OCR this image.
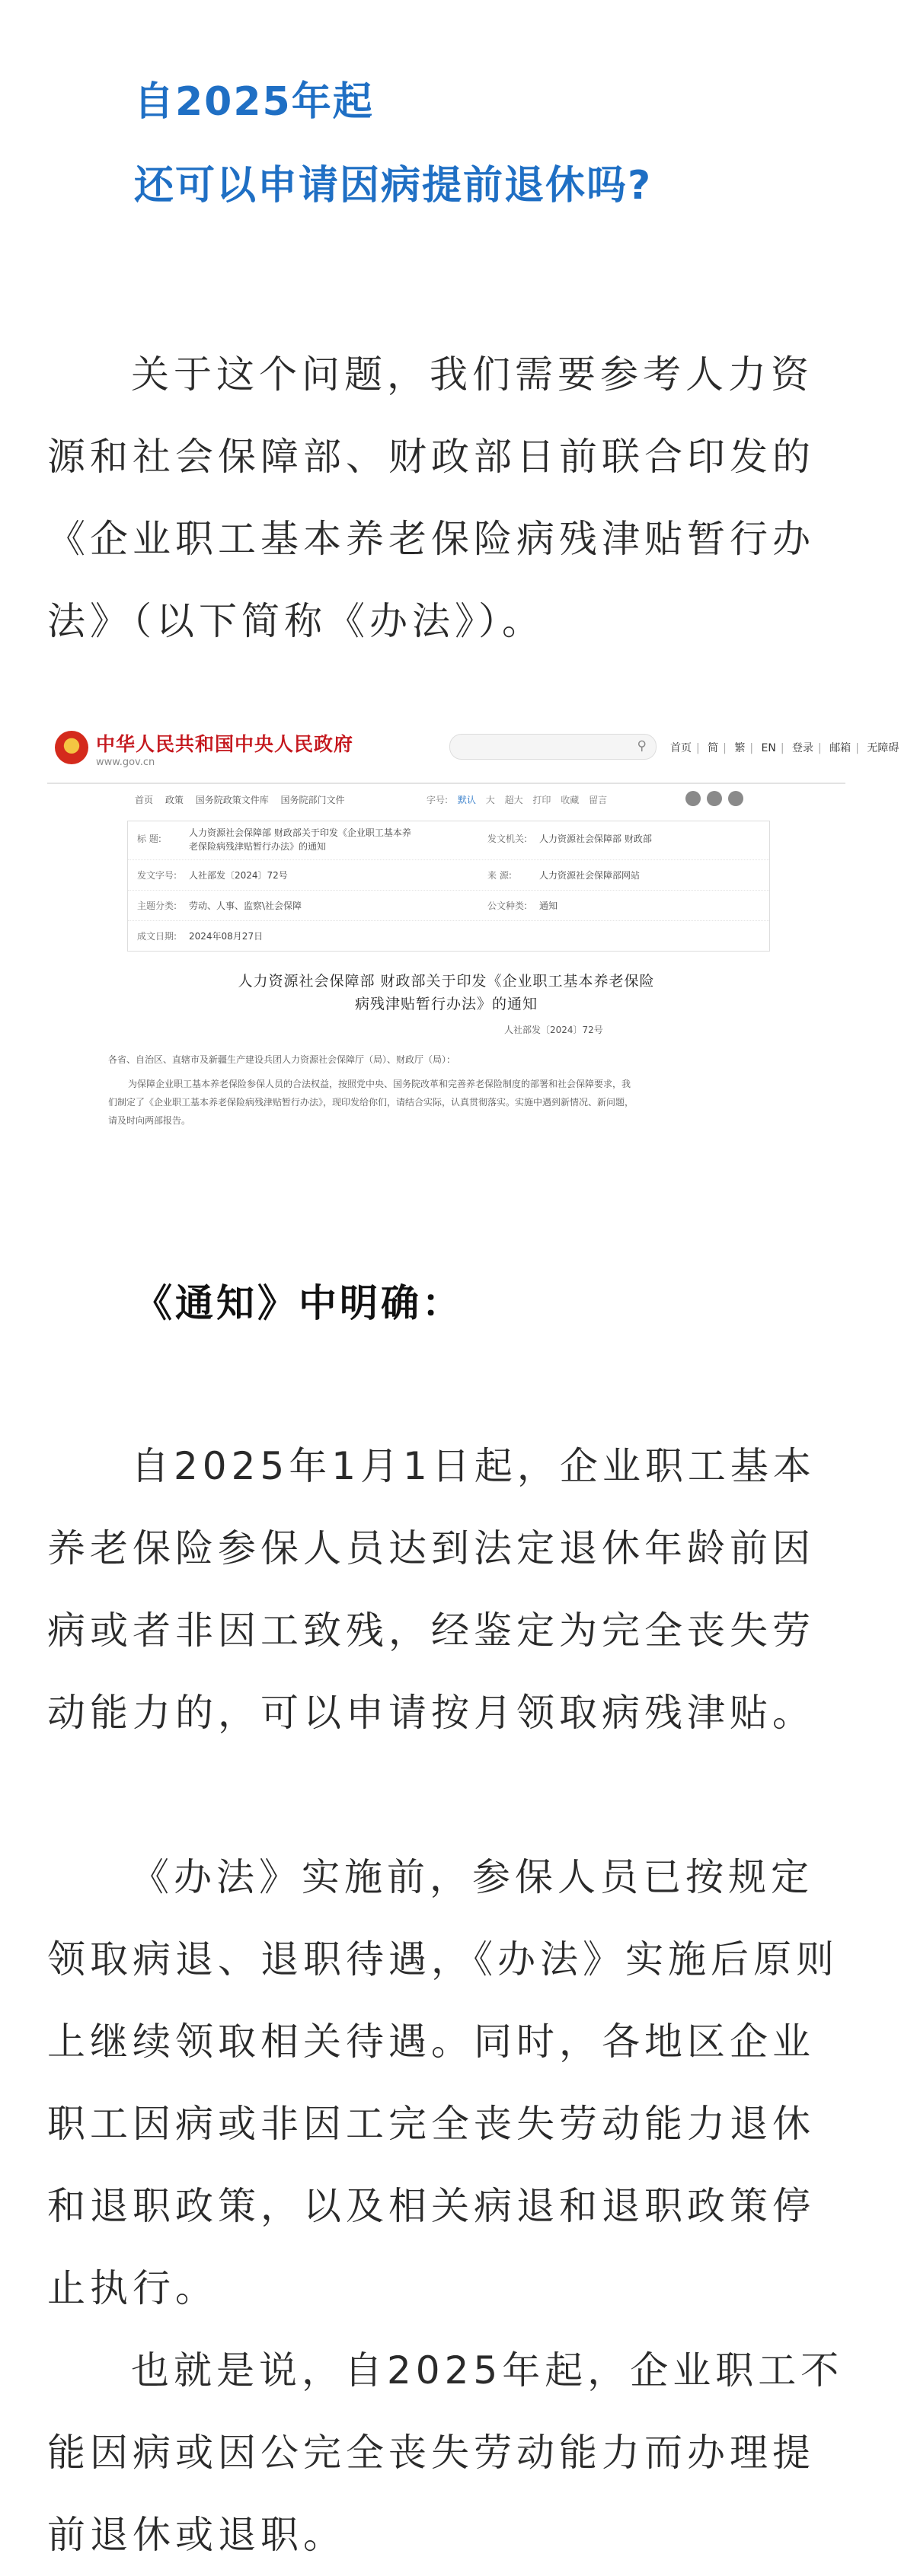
自2025年起
还可以申请因病提前退休吗?

关于这个问题，我们需要参考人力资源和社会保障部、财政部日前联合印发的《企业职工基本养老保险病残津贴暂行办法》（以下简称《办法》）。

中华人民共和国中央人民政府
www.gov.cn
⚲ 首页 | 简 | 繁 | EN | 登录 | 邮箱 | 无障碍
首页 政策 国务院政策文件库 国务院部门文件	字号: 默认 大 超大 打印 收藏 留言
标 题:
人力资源社会保障部 财政部关于印发《企业职工基本养老保险病残津贴暂行办法》的通知
发文机关: 人力资源社会保障部 财政部
发文字号: 人社部发〔2024〕72号	来 源:	人力资源社会保障部网站
主题分类: 劳动、人事、监察\社会保障	公文种类: 通知
成文日期: 2024年08月27日
人力资源社会保障部 财政部关于印发《企业职工基本养老保险
病残津贴暂行办法》的通知
人社部发〔2024〕72号
各省、自治区、直辖市及新疆生产建设兵团人力资源社会保障厅（局）、财政厅（局）：
为保障企业职工基本养老保险参保人员的合法权益，按照党中央、国务院改革和完善养老保险制度的部署和社会保障要求，我
们制定了《企业职工基本养老保险病残津贴暂行办法》，现印发给你们，请结合实际，认真贯彻落实。实施中遇到新情况、新问题，
请及时向两部报告。
《通知》中明确：

自2025年1月1日起，企业职工基本养老保险参保人员达到法定退休年龄前因病或者非因工致残，经鉴定为完全丧失劳动能力的，可以申请按月领取病残津贴。

《办法》实施前，参保人员已按规定领取病退、退职待遇，《办法》实施后原则上继续领取相关待遇。同时，各地区企业职工因病或非因工完全丧失劳动能力退休和退职政策，以及相关病退和退职政策停止执行。

也就是说，自2025年起，企业职工不能因病或因公完全丧失劳动能力而办理提前退休或退职。
